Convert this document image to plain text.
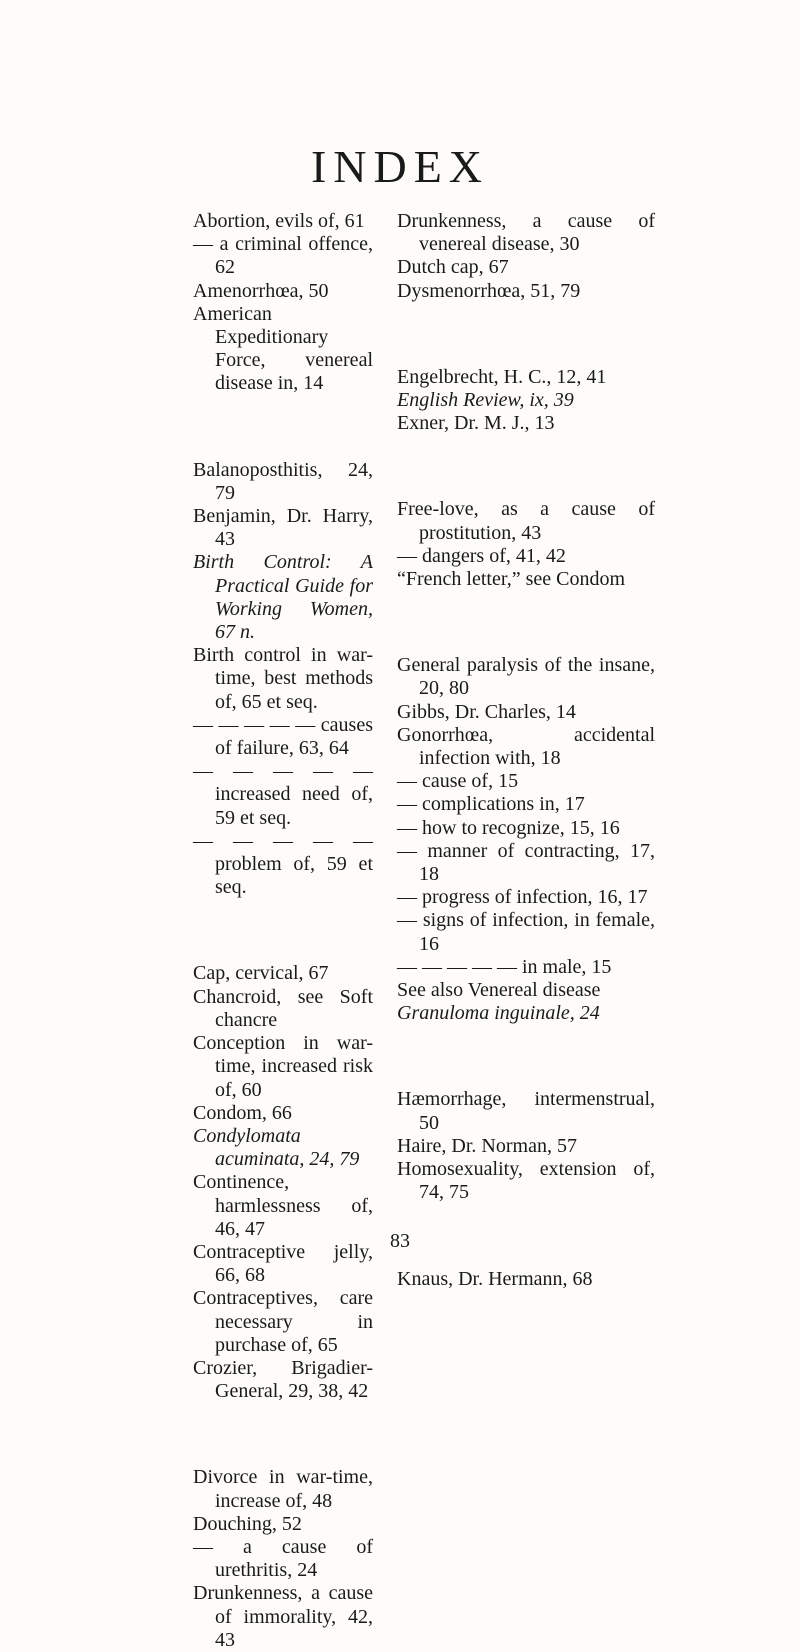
INDEX

Abortion, evils of, 61

— a criminal offence, 62

Amenorrhœa, 50

American Expeditionary Force, venereal disease in, 14

Balanoposthitis, 24, 79

Benjamin, Dr. Harry, 43

Birth Control: A Practical Guide for Working Women, 67 n.

Birth control in war-time, best methods of, 65 et seq.

— — — — — causes of failure, 63, 64

— — — — — increased need of, 59 et seq.

— — — — — problem of, 59 et seq.

Cap, cervical, 67

Chancroid, see Soft chancre

Conception in war-time, increased risk of, 60

Condom, 66

Condylomata acuminata, 24, 79

Continence, harmlessness of, 46, 47

Contraceptive jelly, 66, 68

Contraceptives, care necessary in purchase of, 65

Crozier, Brigadier-General, 29, 38, 42

Divorce in war-time, increase of, 48

Douching, 52

— a cause of urethritis, 24

Drunkenness, a cause of immorality, 42, 43

Drunkenness, a cause of venereal disease, 30

Dutch cap, 67

Dysmenorrhœa, 51, 79

Engelbrecht, H. C., 12, 41

English Review, ix, 39

Exner, Dr. M. J., 13

Free-love, as a cause of prostitution, 43

— dangers of, 41, 42

“French letter,” see Condom

General paralysis of the insane, 20, 80

Gibbs, Dr. Charles, 14

Gonorrhœa, accidental infection with, 18

— cause of, 15

— complications in, 17

— how to recognize, 15, 16

— manner of contracting, 17, 18

— progress of infection, 16, 17

— signs of infection, in female, 16

— — — — — in male, 15

See also Venereal disease

Granuloma inguinale, 24

Hæmorrhage, intermenstrual, 50

Haire, Dr. Norman, 57

Homosexuality, extension of, 74, 75

Knaus, Dr. Hermann, 68

83
